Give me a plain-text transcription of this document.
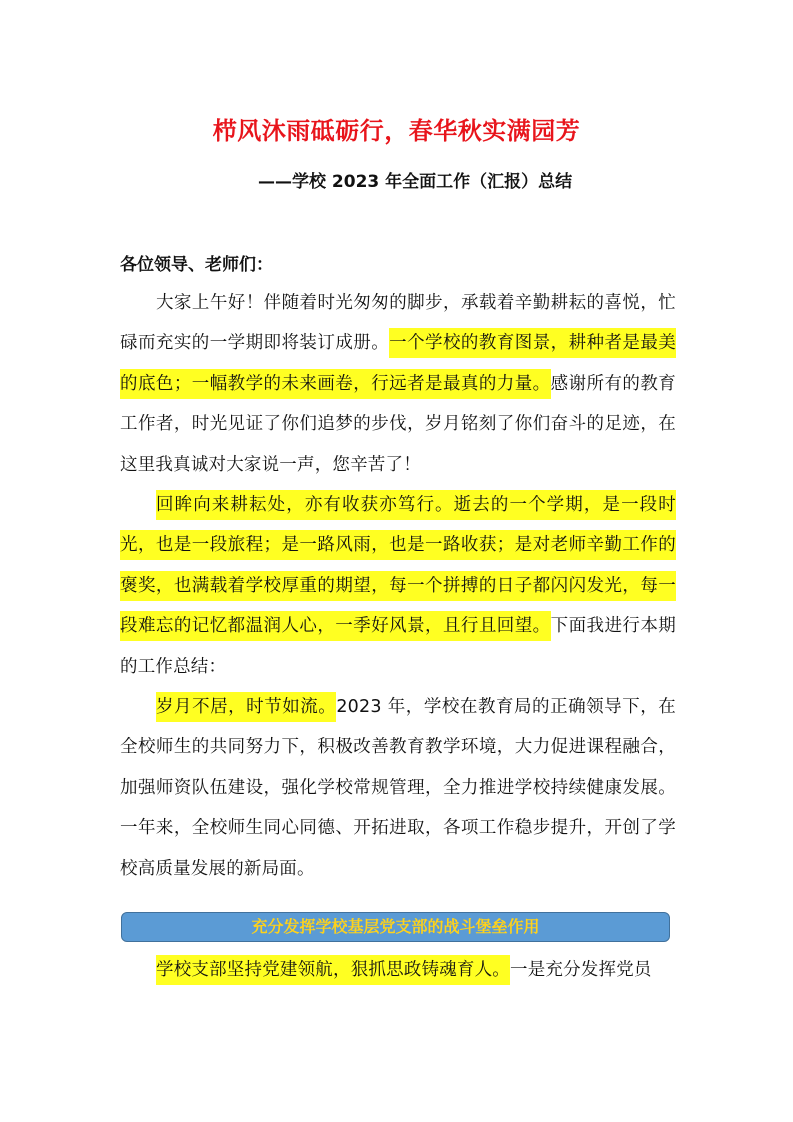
栉风沐雨砥砺行，春华秋实满园芳
——学校 2023 年全面工作（汇报）总结
各位领导、老师们：
大家上午好！伴随着时光匆匆的脚步，承载着辛勤耕耘的喜悦，忙碌而充实的一学期即将装订成册。一个学校的教育图景，耕种者是最美的底色；一幅教学的未来画卷，行远者是最真的力量。感谢所有的教育工作者，时光见证了你们追梦的步伐，岁月铭刻了你们奋斗的足迹，在这里我真诚对大家说一声，您辛苦了！
回眸向来耕耘处，亦有收获亦笃行。逝去的一个学期，是一段时光，也是一段旅程；是一路风雨，也是一路收获；是对老师辛勤工作的褒奖，也满载着学校厚重的期望，每一个拼搏的日子都闪闪发光，每一段难忘的记忆都温润人心，一季好风景，且行且回望。下面我进行本期的工作总结：
岁月不居，时节如流。2023 年，学校在教育局的正确领导下，在全校师生的共同努力下，积极改善教育教学环境，大力促进课程融合，加强师资队伍建设，强化学校常规管理，全力推进学校持续健康发展。一年来，全校师生同心同德、开拓进取，各项工作稳步提升，开创了学校高质量发展的新局面。
充分发挥学校基层党支部的战斗堡垒作用
学校支部坚持党建领航，狠抓思政铸魂育人。一是充分发挥党员
